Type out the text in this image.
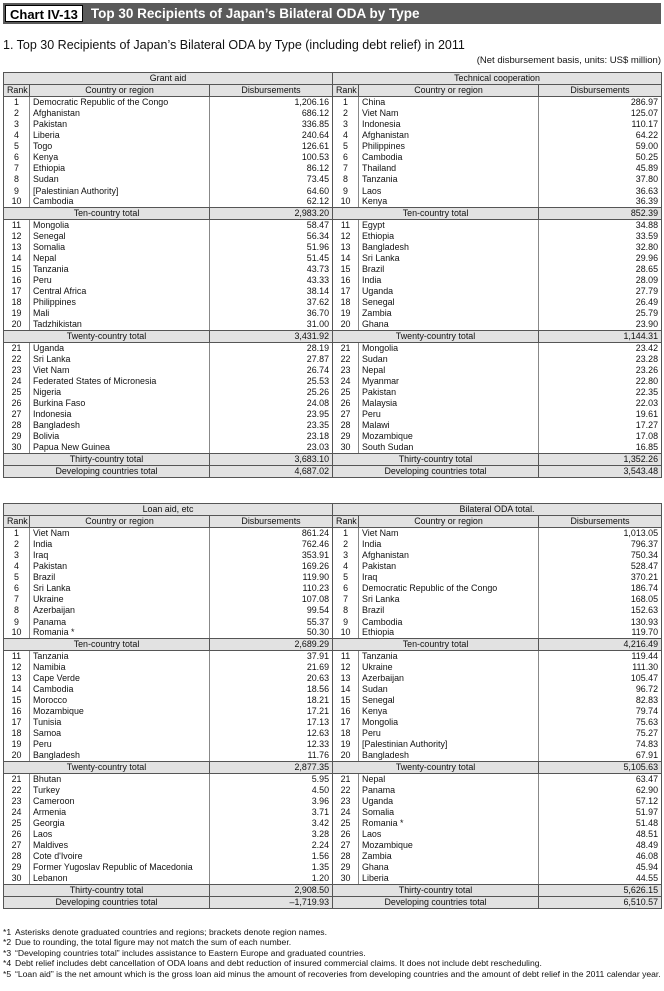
Chart IV-13 Top 30 Recipients of Japan’s Bilateral ODA by Type
1. Top 30 Recipients of Japan’s Bilateral ODA by Type (including debt relief) in 2011
(Net disbursement basis, units: US$ million)
Grant aid			Technical cooperation		
Rank	Country or region	Disbursements	Rank	Country or region	Disbursements
1	Democratic Republic of the Congo	1,206.16	1	China	286.97
2	Afghanistan	686.12	2	Viet Nam	125.07
3	Pakistan	336.85	3	Indonesia	110.17
4	Liberia	240.64	4	Afghanistan	64.22
5	Togo	126.61	5	Philippines	59.00
6	Kenya	100.53	6	Cambodia	50.25
7	Ethiopia	86.12	7	Thailand	45.89
8	Sudan	73.45	8	Tanzania	37.80
9	[Palestinian Authority]	64.60	9	Laos	36.63
10	Cambodia	62.12	10	Kenya	36.39
Ten-country total		2,983.20	Ten-country total		852.39
11	Mongolia	58.47	11	Egypt	34.88
12	Senegal	56.34	12	Ethiopia	33.59
13	Somalia	51.96	13	Bangladesh	32.80
14	Nepal	51.45	14	Sri Lanka	29.96
15	Tanzania	43.73	15	Brazil	28.65
16	Peru	43.33	16	India	28.09
17	Central Africa	38.14	17	Uganda	27.79
18	Philippines	37.62	18	Senegal	26.49
19	Mali	36.70	19	Zambia	25.79
20	Tadzhikistan	31.00	20	Ghana	23.90
Twenty-country total		3,431.92	Twenty-country total		1,144.31
21	Uganda	28.19	21	Mongolia	23.42
22	Sri Lanka	27.87	22	Sudan	23.28
23	Viet Nam	26.74	23	Nepal	23.26
24	Federated States of Micronesia	25.53	24	Myanmar	22.80
25	Nigeria	25.26	25	Pakistan	22.35
26	Burkina Faso	24.08	26	Malaysia	22.03
27	Indonesia	23.95	27	Peru	19.61
28	Bangladesh	23.35	28	Malawi	17.27
29	Bolivia	23.18	29	Mozambique	17.08
30	Papua New Guinea	23.03	30	South Sudan	16.85
Thirty-country total		3,683.10	Thirty-country total		1,352.26
Developing countries total		4,687.02	Developing countries total		3,543.48
Loan aid, etc			Bilateral ODA total.		
Rank	Country or region	Disbursements	Rank	Country or region	Disbursements
1	Viet Nam	861.24	1	Viet Nam	1,013.05
2	India	762.46	2	India	796.37
3	Iraq	353.91	3	Afghanistan	750.34
4	Pakistan	169.26	4	Pakistan	528.47
5	Brazil	119.90	5	Iraq	370.21
6	Sri Lanka	110.23	6	Democratic Republic of the Congo	186.74
7	Ukraine	107.08	7	Sri Lanka	168.05
8	Azerbaijan	99.54	8	Brazil	152.63
9	Panama	55.37	9	Cambodia	130.93
10	Romania *	50.30	10	Ethiopia	119.70
Ten-country total		2,689.29	Ten-country total		4,216.49
11	Tanzania	37.91	11	Tanzania	119.44
12	Namibia	21.69	12	Ukraine	111.30
13	Cape Verde	20.63	13	Azerbaijan	105.47
14	Cambodia	18.56	14	Sudan	96.72
15	Morocco	18.21	15	Senegal	82.83
16	Mozambique	17.21	16	Kenya	79.74
17	Tunisia	17.13	17	Mongolia	75.63
18	Samoa	12.63	18	Peru	75.27
19	Peru	12.33	19	[Palestinian Authority]	74.83
20	Bangladesh	11.76	20	Bangladesh	67.91
Twenty-country total		2,877.35	Twenty-country total		5,105.63
21	Bhutan	5.95	21	Nepal	63.47
22	Turkey	4.50	22	Panama	62.90
23	Cameroon	3.96	23	Uganda	57.12
24	Armenia	3.71	24	Somalia	51.97
25	Georgia	3.42	25	Romania *	51.48
26	Laos	3.28	26	Laos	48.51
27	Maldives	2.24	27	Mozambique	48.49
28	Cote d'Ivoire	1.56	28	Zambia	46.08
29	Former Yugoslav Republic of Macedonia	1.35	29	Ghana	45.94
30	Lebanon	1.20	30	Liberia	44.55
Thirty-country total		2,908.50	Thirty-country total		5,626.15
Developing countries total		–1,719.93	Developing countries total		6,510.57
*1 Asterisks denote graduated countries and regions; brackets denote region names.
*2 Due to rounding, the total figure may not match the sum of each number.
*3 “Developing countries total” includes assistance to Eastern Europe and graduated countries.
*4 Debt relief includes debt cancellation of ODA loans and debt reduction of insured commercial claims. It does not include debt rescheduling.
*5 “Loan aid” is the net amount which is the gross loan aid minus the amount of recoveries from developing countries and the amount of debt relief in the 2011 calendar year.
